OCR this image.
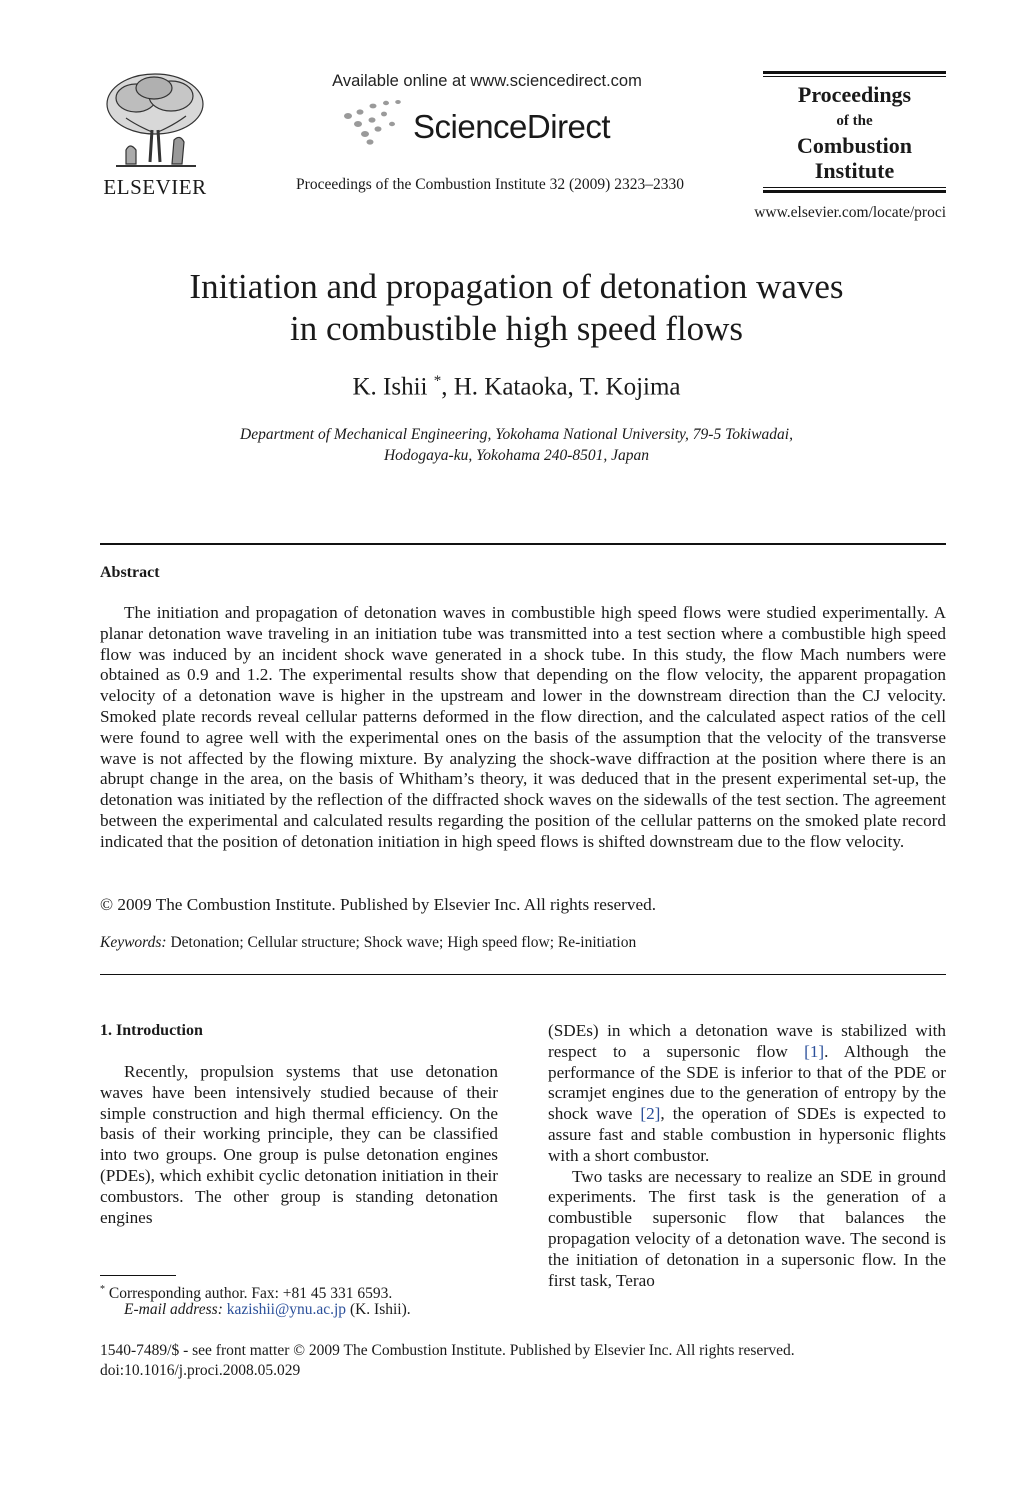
ELSEVIER
Available online at www.sciencedirect.com
ScienceDirect
Proceedings of the Combustion Institute 32 (2009) 2323–2330
Proceedings
of the
Combustion
Institute
www.elsevier.com/locate/proci
Initiation and propagation of detonation waves
in combustible high speed flows
K. Ishii *, H. Kataoka, T. Kojima
Department of Mechanical Engineering, Yokohama National University, 79-5 Tokiwadai,
Hodogaya-ku, Yokohama 240-8501, Japan
Abstract
The initiation and propagation of detonation waves in combustible high speed flows were studied experimentally. A planar detonation wave traveling in an initiation tube was transmitted into a test section where a combustible high speed flow was induced by an incident shock wave generated in a shock tube. In this study, the flow Mach numbers were obtained as 0.9 and 1.2. The experimental results show that depending on the flow velocity, the apparent propagation velocity of a detonation wave is higher in the upstream and lower in the downstream direction than the CJ velocity. Smoked plate records reveal cellular patterns deformed in the flow direction, and the calculated aspect ratios of the cell were found to agree well with the experimental ones on the basis of the assumption that the velocity of the transverse wave is not affected by the flowing mixture. By analyzing the shock-wave diffraction at the position where there is an abrupt change in the area, on the basis of Whitham’s theory, it was deduced that in the present experimental set-up, the detonation was initiated by the reflection of the diffracted shock waves on the sidewalls of the test section. The agreement between the experimental and calculated results regarding the position of the cellular patterns on the smoked plate record indicated that the position of detonation initiation in high speed flows is shifted downstream due to the flow velocity.
© 2009 The Combustion Institute. Published by Elsevier Inc. All rights reserved.
Keywords: Detonation; Cellular structure; Shock wave; High speed flow; Re-initiation
1. Introduction
Recently, propulsion systems that use detonation waves have been intensively studied because of their simple construction and high thermal efficiency. On the basis of their working principle, they can be classified into two groups. One group is pulse detonation engines (PDEs), which exhibit cyclic detonation initiation in their combustors. The other group is standing detonation engines

(SDEs) in which a detonation wave is stabilized with respect to a supersonic flow [1]. Although the performance of the SDE is inferior to that of the PDE or scramjet engines due to the generation of entropy by the shock wave [2], the operation of SDEs is expected to assure fast and stable combustion in hypersonic flights with a short combustor.

Two tasks are necessary to realize an SDE in ground experiments. The first task is the generation of a combustible supersonic flow that balances the propagation velocity of a detonation wave. The second is the initiation of detonation in a supersonic flow. In the first task, Terao

* Corresponding author. Fax: +81 45 331 6593.
E-mail address: kazishii@ynu.ac.jp (K. Ishii).
1540-7489/$ - see front matter © 2009 The Combustion Institute. Published by Elsevier Inc. All rights reserved.
doi:10.1016/j.proci.2008.05.029
